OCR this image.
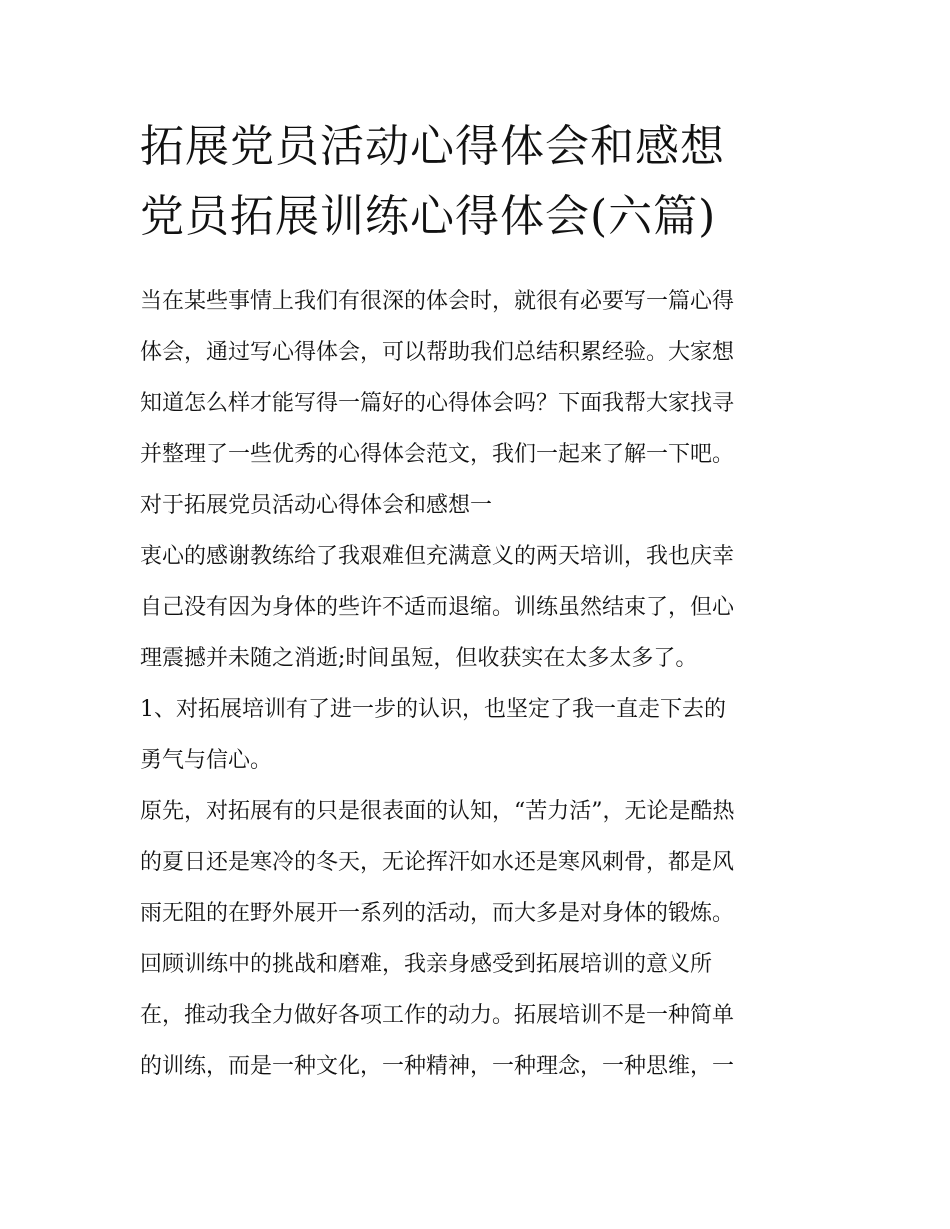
拓展党员活动心得体会和感想
党员拓展训练心得体会(六篇)
当在某些事情上我们有很深的体会时，就很有必要写一篇心得
体会，通过写心得体会，可以帮助我们总结积累经验。大家想
知道怎么样才能写得一篇好的心得体会吗？下面我帮大家找寻
并整理了一些优秀的心得体会范文，我们一起来了解一下吧。
对于拓展党员活动心得体会和感想一
衷心的感谢教练给了我艰难但充满意义的两天培训，我也庆幸
自己没有因为身体的些许不适而退缩。训练虽然结束了，但心
理震撼并未随之消逝;时间虽短，但收获实在太多太多了。
1、对拓展培训有了进一步的认识，也坚定了我一直走下去的
勇气与信心。
原先，对拓展有的只是很表面的认知，“苦力活”，无论是酷热
的夏日还是寒冷的冬天，无论挥汗如水还是寒风刺骨，都是风
雨无阻的在野外展开一系列的活动，而大多是对身体的锻炼。
回顾训练中的挑战和磨难，我亲身感受到拓展培训的意义所
在，推动我全力做好各项工作的动力。拓展培训不是一种简单
的训练，而是一种文化，一种精神，一种理念，一种思维，一
